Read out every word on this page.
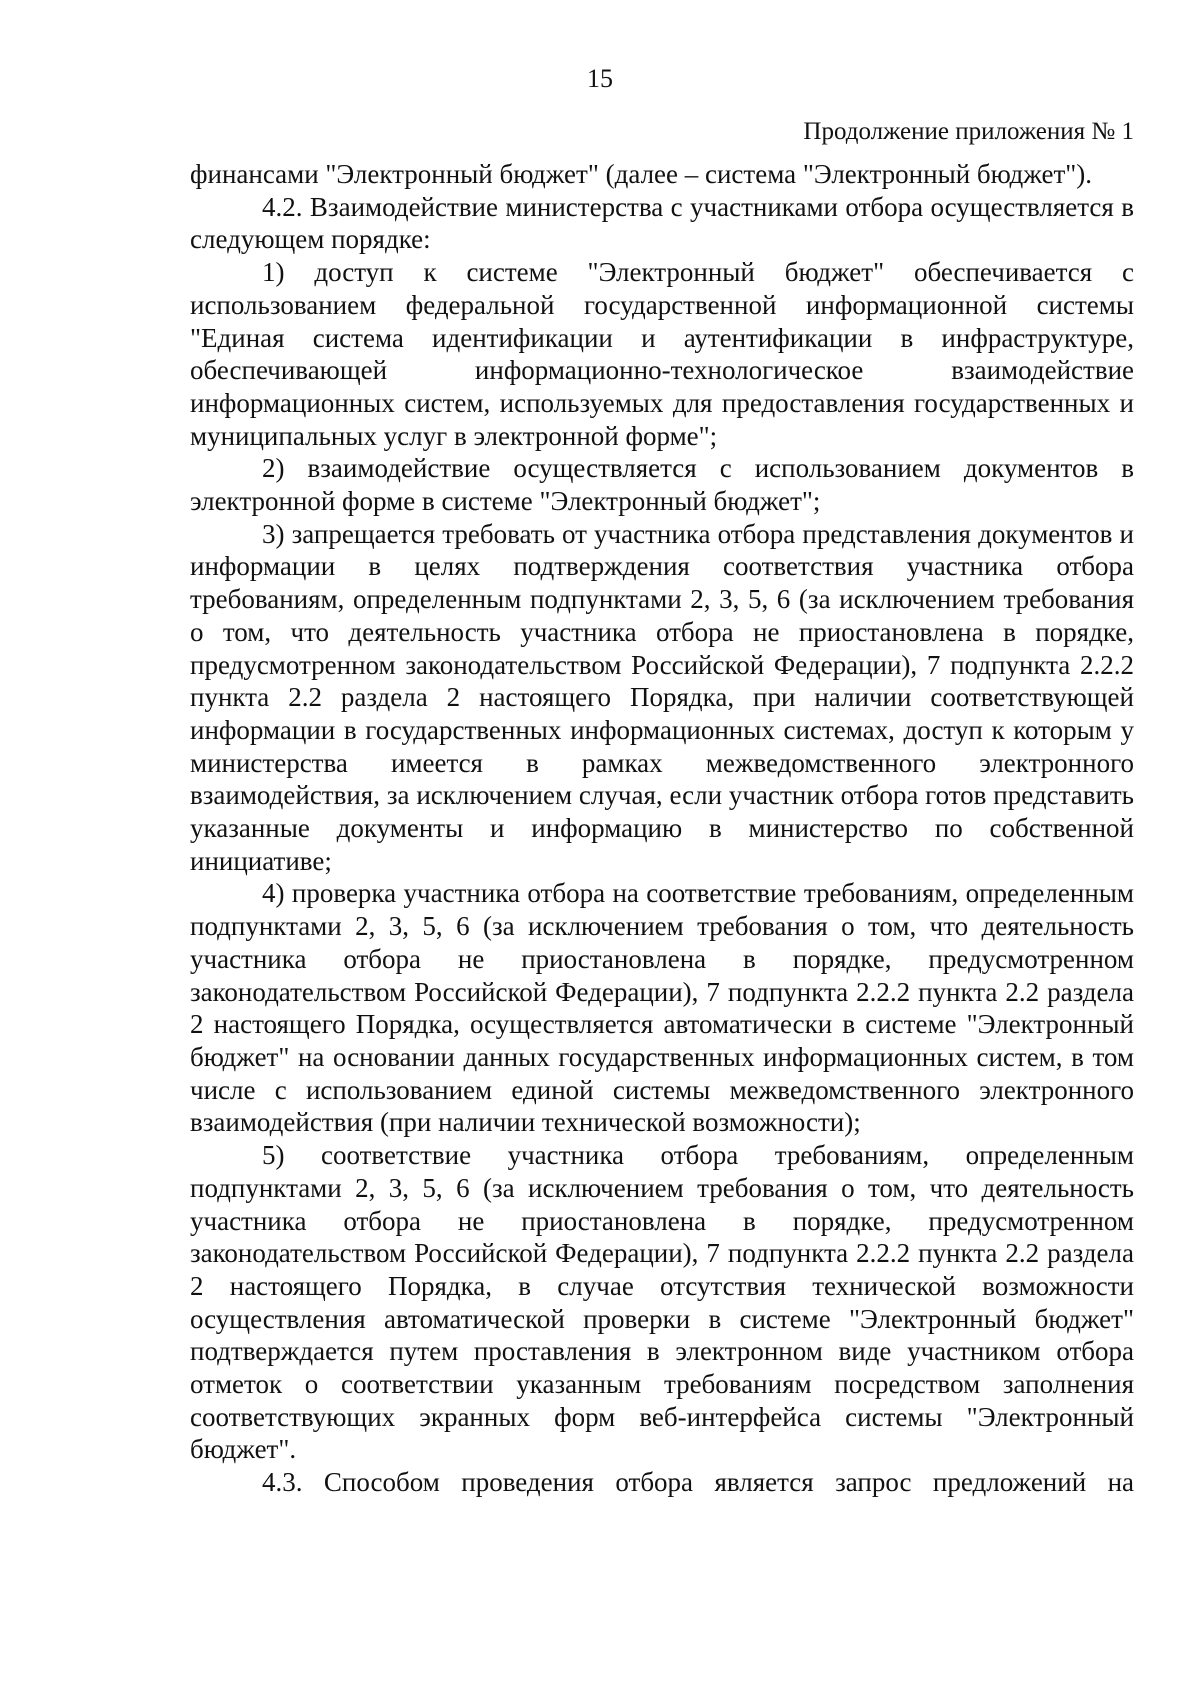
15
Продолжение приложения № 1

финансами "Электронный бюджет" (далее – система "Электронный бюджет").

4.2. Взаимодействие министерства с участниками отбора осуществляется в следующем порядке:

1) доступ к системе "Электронный бюджет" обеспечивается с использованием федеральной государственной информационной системы "Единая система идентификации и аутентификации в инфраструктуре, обеспечивающей информационно-технологическое взаимодействие информационных систем, используемых для предоставления государственных и муниципальных услуг в электронной форме";

2) взаимодействие осуществляется с использованием документов в электронной форме в системе "Электронный бюджет";

3) запрещается требовать от участника отбора представления документов и информации в целях подтверждения соответствия участника отбора требованиям, определенным подпунктами 2, 3, 5, 6 (за исключением требования о том, что деятельность участника отбора не приостановлена в порядке, предусмотренном законодательством Российской Федерации), 7 подпункта 2.2.2 пункта 2.2 раздела 2 настоящего Порядка, при наличии соответствующей информации в государственных информационных системах, доступ к которым у министерства имеется в рамках межведомственного электронного взаимодействия, за исключением случая, если участник отбора готов представить указанные документы и информацию в министерство по собственной инициативе;

4) проверка участника отбора на соответствие требованиям, определенным подпунктами 2, 3, 5, 6 (за исключением требования о том, что деятельность участника отбора не приостановлена в порядке, предусмотренном законодательством Российской Федерации), 7 подпункта 2.2.2 пункта 2.2 раздела 2 настоящего Порядка, осуществляется автоматически в системе "Электронный бюджет" на основании данных государственных информационных систем, в том числе с использованием единой системы межведомственного электронного взаимодействия (при наличии технической возможности);

5) соответствие участника отбора требованиям, определенным подпунктами 2, 3, 5, 6 (за исключением требования о том, что деятельность участника отбора не приостановлена в порядке, предусмотренном законодательством Российской Федерации), 7 подпункта 2.2.2 пункта 2.2 раздела 2 настоящего Порядка, в случае отсутствия технической возможности осуществления автоматической проверки в системе "Электронный бюджет" подтверждается путем проставления в электронном виде участником отбора отметок о соответствии указанным требованиям посредством заполнения соответствующих экранных форм веб-интерфейса системы "Электронный бюджет".

4.3. Способом проведения отбора является запрос предложений на
